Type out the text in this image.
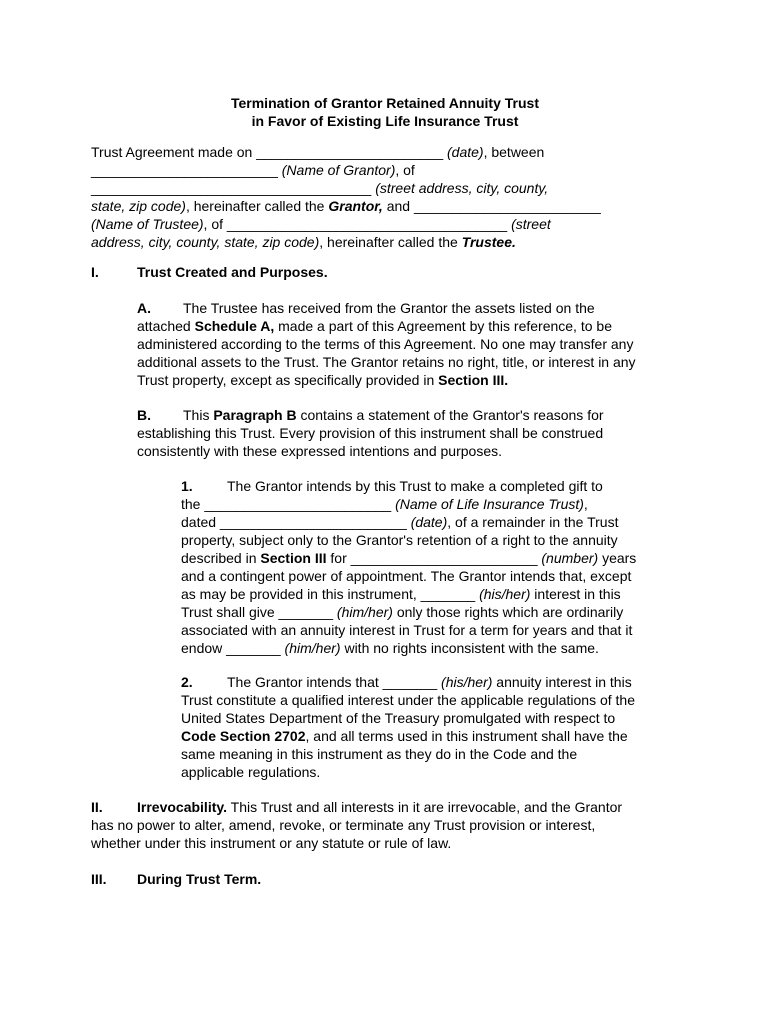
Termination of Grantor Retained Annuity Trust
in Favor of Existing Life Insurance Trust
Trust Agreement made on ________________________ (date), between
________________________ (Name of Grantor), of
____________________________________ (street address, city, county,
state, zip code), hereinafter called the Grantor, and ________________________
(Name of Trustee), of ____________________________________ (street
address, city, county, state, zip code), hereinafter called the Trustee.
I.	Trust Created and Purposes.
A. The Trustee has received from the Grantor the assets listed on the
attached Schedule A, made a part of this Agreement by this reference, to be
administered according to the terms of this Agreement. No one may transfer any
additional assets to the Trust. The Grantor retains no right, title, or interest in any
Trust property, except as specifically provided in Section III.
B. This Paragraph B contains a statement of the Grantor's reasons for
establishing this Trust. Every provision of this instrument shall be construed
consistently with these expressed intentions and purposes.
1. The Grantor intends by this Trust to make a completed gift to
the ________________________ (Name of Life Insurance Trust),
dated ________________________ (date), of a remainder in the Trust
property, subject only to the Grantor's retention of a right to the annuity
described in Section III for ________________________ (number) years
and a contingent power of appointment. The Grantor intends that, except
as may be provided in this instrument, _______ (his/her) interest in this
Trust shall give _______ (him/her) only those rights which are ordinarily
associated with an annuity interest in Trust for a term for years and that it
endow _______ (him/her) with no rights inconsistent with the same.
2. The Grantor intends that _______ (his/her) annuity interest in this
Trust constitute a qualified interest under the applicable regulations of the
United States Department of the Treasury promulgated with respect to
Code Section 2702, and all terms used in this instrument shall have the
same meaning in this instrument as they do in the Code and the
applicable regulations.
II. Irrevocability. This Trust and all interests in it are irrevocable, and the Grantor
has no power to alter, amend, revoke, or terminate any Trust provision or interest,
whether under this instrument or any statute or rule of law.
III. During Trust Term.
